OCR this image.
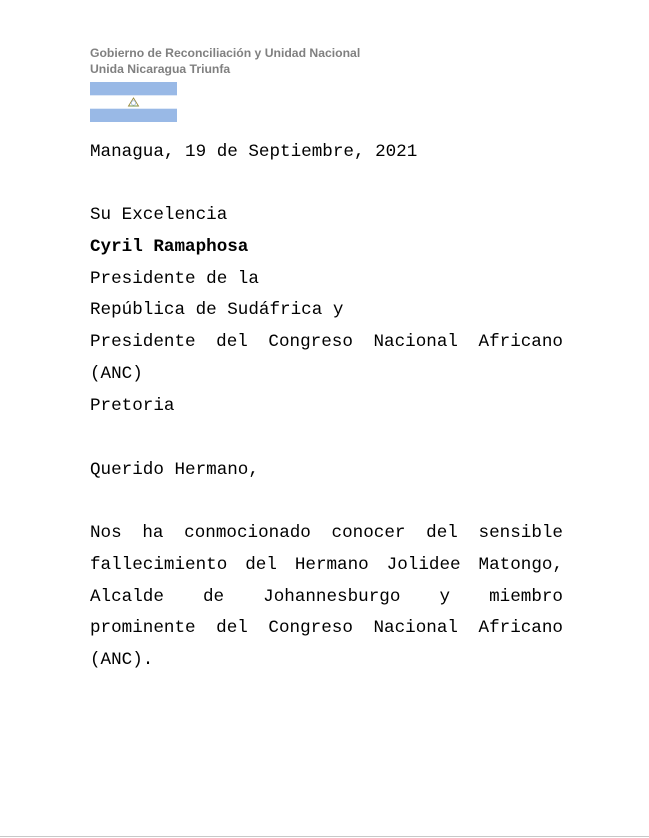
Gobierno de Reconciliación y Unidad Nacional
Unida Nicaragua Triunfa
Managua, 19 de Septiembre, 2021
Su Excelencia
Cyril Ramaphosa
Presidente de la
República de Sudáfrica y
Presidente del Congreso Nacional Africano (ANC)
Pretoria
Querido Hermano,
Nos ha conmocionado conocer del sensible fallecimiento del Hermano Jolidee Matongo, Alcalde de Johannesburgo y miembro prominente del Congreso Nacional Africano (ANC).
